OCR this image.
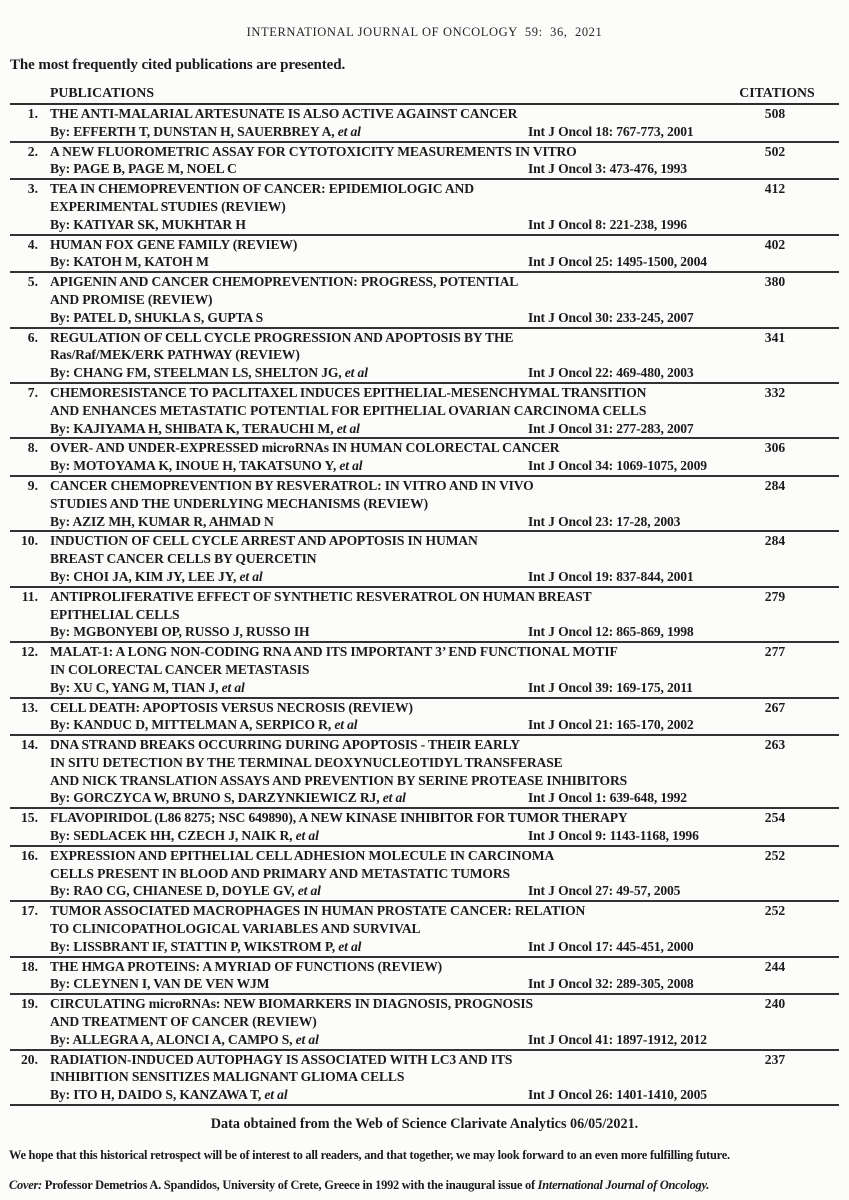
INTERNATIONAL JOURNAL OF ONCOLOGY  59:  36,  2021
The most frequently cited publications are presented.
PUBLICATIONS	CITATIONS
1. THE ANTI-MALARIAL ARTESUNATE IS ALSO ACTIVE AGAINST CANCER
By: EFFERTH T, DUNSTAN H, SAUERBREY A, et al	Int J Oncol 18: 767-773, 2001
508
2. A NEW FLUOROMETRIC ASSAY FOR CYTOTOXICITY MEASUREMENTS IN VITRO
By: PAGE B, PAGE M, NOEL C	Int J Oncol 3: 473-476, 1993
502
3. TEA IN CHEMOPREVENTION OF CANCER: EPIDEMIOLOGIC AND
EXPERIMENTAL STUDIES (REVIEW)
By: KATIYAR SK, MUKHTAR H	Int J Oncol 8: 221-238, 1996
412
4. HUMAN FOX GENE FAMILY (REVIEW)
By: KATOH M, KATOH M	Int J Oncol 25: 1495-1500, 2004
402
5. APIGENIN AND CANCER CHEMOPREVENTION: PROGRESS, POTENTIAL
AND PROMISE (REVIEW)
By: PATEL D, SHUKLA S, GUPTA S	Int J Oncol 30: 233-245, 2007
380
6. REGULATION OF CELL CYCLE PROGRESSION AND APOPTOSIS BY THE
Ras/Raf/MEK/ERK PATHWAY (REVIEW)
By: CHANG FM, STEELMAN LS, SHELTON JG, et al	Int J Oncol 22: 469-480, 2003
341
7. CHEMORESISTANCE TO PACLITAXEL INDUCES EPITHELIAL-MESENCHYMAL TRANSITION
AND ENHANCES METASTATIC POTENTIAL FOR EPITHELIAL OVARIAN CARCINOMA CELLS
By: KAJIYAMA H, SHIBATA K, TERAUCHI M, et al	Int J Oncol 31: 277-283, 2007
332
8. OVER- AND UNDER-EXPRESSED microRNAs IN HUMAN COLORECTAL CANCER
By: MOTOYAMA K, INOUE H, TAKATSUNO Y, et al	Int J Oncol 34: 1069-1075, 2009
306
9. CANCER CHEMOPREVENTION BY RESVERATROL: IN VITRO AND IN VIVO
STUDIES AND THE UNDERLYING MECHANISMS (REVIEW)
By: AZIZ MH, KUMAR R, AHMAD N	Int J Oncol 23: 17-28, 2003
284
10. INDUCTION OF CELL CYCLE ARREST AND APOPTOSIS IN HUMAN
BREAST CANCER CELLS BY QUERCETIN
By: CHOI JA, KIM JY, LEE JY, et al	Int J Oncol 19: 837-844, 2001
284
11. ANTIPROLIFERATIVE EFFECT OF SYNTHETIC RESVERATROL ON HUMAN BREAST
EPITHELIAL CELLS
By: MGBONYEBI OP, RUSSO J, RUSSO IH	Int J Oncol 12: 865-869, 1998
279
12. MALAT-1: A LONG NON-CODING RNA AND ITS IMPORTANT 3’ END FUNCTIONAL MOTIF
IN COLORECTAL CANCER METASTASIS
By: XU C, YANG M, TIAN J, et al	Int J Oncol 39: 169-175, 2011
277
13. CELL DEATH: APOPTOSIS VERSUS NECROSIS (REVIEW)
By: KANDUC D, MITTELMAN A, SERPICO R, et al	Int J Oncol 21: 165-170, 2002
267
14. DNA STRAND BREAKS OCCURRING DURING APOPTOSIS - THEIR EARLY
IN SITU DETECTION BY THE TERMINAL DEOXYNUCLEOTIDYL TRANSFERASE
AND NICK TRANSLATION ASSAYS AND PREVENTION BY SERINE PROTEASE INHIBITORS
By: GORCZYCA W, BRUNO S, DARZYNKIEWICZ RJ, et al	Int J Oncol 1: 639-648, 1992
263
15. FLAVOPIRIDOL (L86 8275; NSC 649890), A NEW KINASE INHIBITOR FOR TUMOR THERAPY
By: SEDLACEK HH, CZECH J, NAIK R, et al	Int J Oncol 9: 1143-1168, 1996
254
16. EXPRESSION AND EPITHELIAL CELL ADHESION MOLECULE IN CARCINOMA
CELLS PRESENT IN BLOOD AND PRIMARY AND METASTATIC TUMORS
By: RAO CG, CHIANESE D, DOYLE GV, et al	Int J Oncol 27: 49-57, 2005
252
17. TUMOR ASSOCIATED MACROPHAGES IN HUMAN PROSTATE CANCER: RELATION
TO CLINICOPATHOLOGICAL VARIABLES AND SURVIVAL
By: LISSBRANT IF, STATTIN P, WIKSTROM P, et al	Int J Oncol 17: 445-451, 2000
252
18. THE HMGA PROTEINS: A MYRIAD OF FUNCTIONS (REVIEW)
By: CLEYNEN I, VAN DE VEN WJM	Int J Oncol 32: 289-305, 2008
244
19. CIRCULATING microRNAs: NEW BIOMARKERS IN DIAGNOSIS, PROGNOSIS
AND TREATMENT OF CANCER (REVIEW)
By: ALLEGRA A, ALONCI A, CAMPO S, et al	Int J Oncol 41: 1897-1912, 2012
240
20. RADIATION-INDUCED AUTOPHAGY IS ASSOCIATED WITH LC3 AND ITS
INHIBITION SENSITIZES MALIGNANT GLIOMA CELLS
By: ITO H, DAIDO S, KANZAWA T, et al	Int J Oncol 26: 1401-1410, 2005
237
Data obtained from the Web of Science Clarivate Analytics 06/05/2021.
We hope that this historical retrospect will be of interest to all readers, and that together, we may look forward to an even more fulfilling future.
Cover: Professor Demetrios A. Spandidos, University of Crete, Greece in 1992 with the inaugural issue of International Journal of Oncology.
